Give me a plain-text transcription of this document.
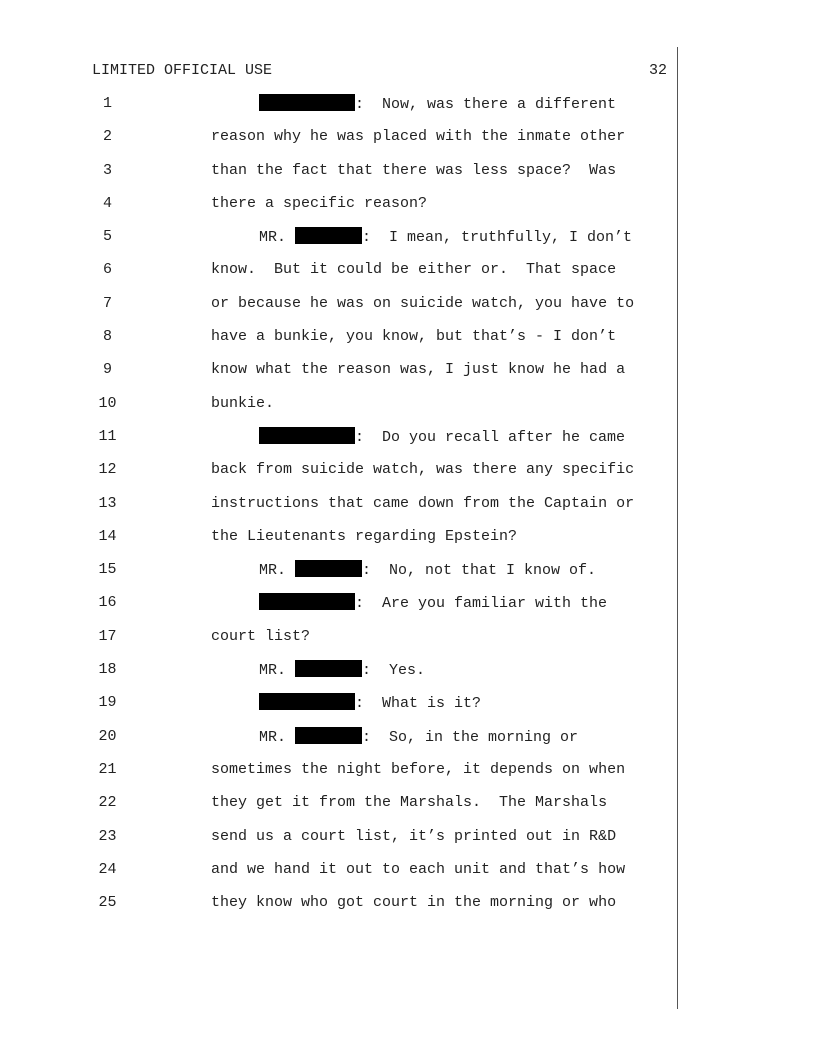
LIMITED OFFICIAL USE	32
1	:  Now, was there a different
2	reason why he was placed with the inmate other
3	than the fact that there was less space?  Was
4	there a specific reason?
5	MR.	:  I mean, truthfully, I don’t
6	know.  But it could be either or.  That space
7	or because he was on suicide watch, you have to
8	have a bunkie, you know, but that’s - I don’t
9	know what the reason was, I just know he had a
10	bunkie.
11	:  Do you recall after he came
12	back from suicide watch, was there any specific
13	instructions that came down from the Captain or
14	the Lieutenants regarding Epstein?
15	MR.	:  No, not that I know of.
16	:  Are you familiar with the
17	court list?
18	MR.	:  Yes.
19	:  What is it?
20	MR.	:  So, in the morning or
21	sometimes the night before, it depends on when
22	they get it from the Marshals.  The Marshals
23	send us a court list, it’s printed out in R&D
24	and we hand it out to each unit and that’s how
25	they know who got court in the morning or who
